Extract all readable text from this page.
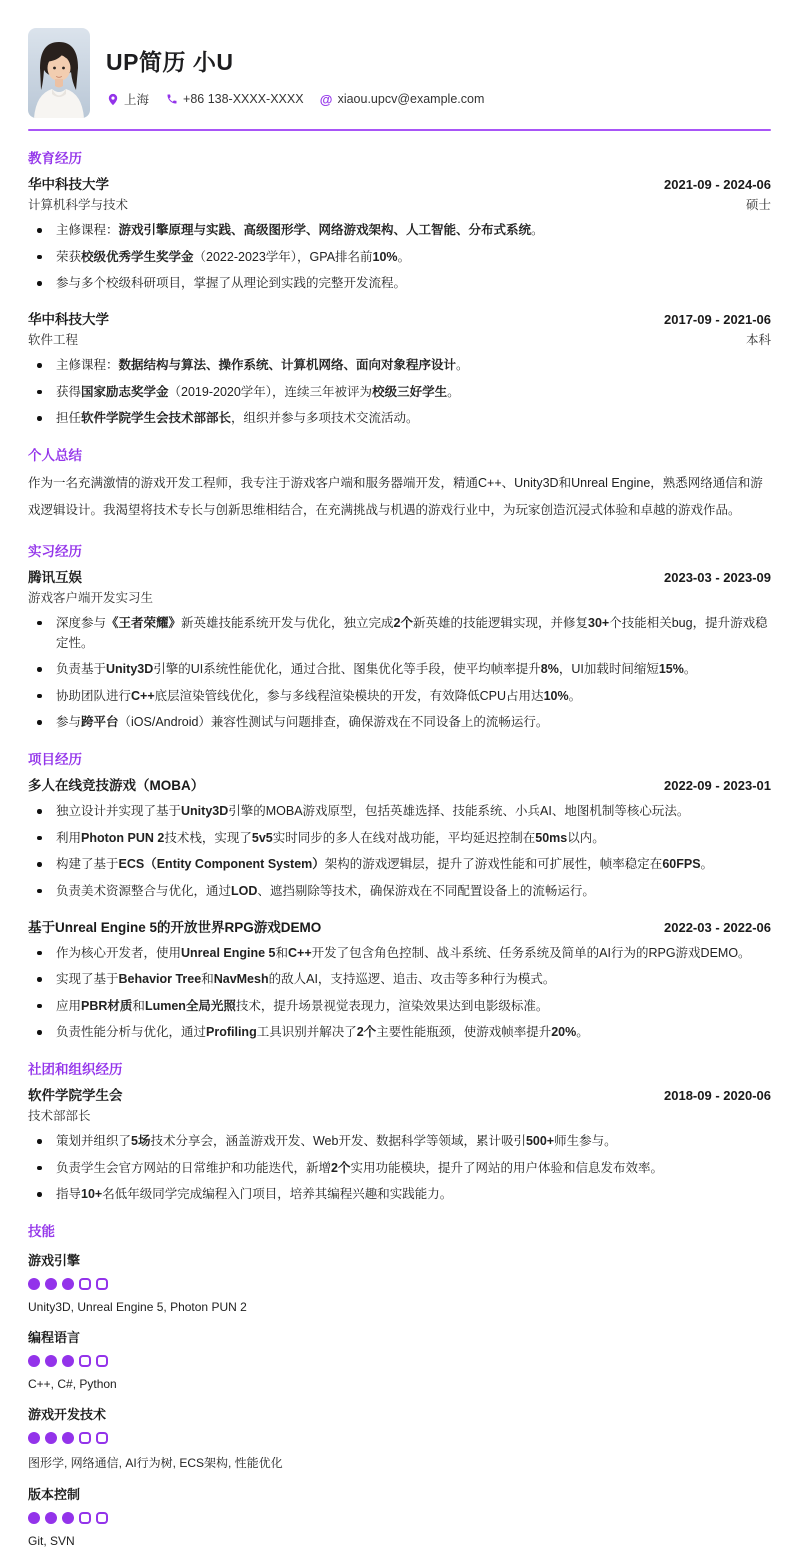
UP简历 小U
上海	+86 138-XXXX-XXXX @ xiaou.upcv@example.com
教育经历
华中科技大学	2021-09 - 2024-06
计算机科学与技术	硕士
主修课程：游戏引擎原理与实践、高级图形学、网络游戏架构、人工智能、分布式系统。
荣获校级优秀学生奖学金（2022-2023学年），GPA排名前10%。
参与多个校级科研项目，掌握了从理论到实践的完整开发流程。
华中科技大学	2017-09 - 2021-06
软件工程	本科
主修课程：数据结构与算法、操作系统、计算机网络、面向对象程序设计。
获得国家励志奖学金（2019-2020学年），连续三年被评为校级三好学生。
担任软件学院学生会技术部部长，组织并参与多项技术交流活动。
个人总结
作为一名充满激情的游戏开发工程师，我专注于游戏客户端和服务器端开发，精通C++、Unity3D和Unreal Engine，熟悉网络通信和游戏逻辑设计。我渴望将技术专长与创新思维相结合，在充满挑战与机遇的游戏行业中，为玩家创造沉浸式体验和卓越的游戏作品。
实习经历
腾讯互娱	2023-03 - 2023-09
游戏客户端开发实习生
深度参与《王者荣耀》新英雄技能系统开发与优化，独立完成2个新英雄的技能逻辑实现，并修复30+个技能相关bug，提升游戏稳定性。
负责基于Unity3D引擎的UI系统性能优化，通过合批、图集优化等手段，使平均帧率提升8%，UI加载时间缩短15%。
协助团队进行C++底层渲染管线优化，参与多线程渲染模块的开发，有效降低CPU占用达10%。
参与跨平台（iOS/Android）兼容性测试与问题排查，确保游戏在不同设备上的流畅运行。
项目经历
多人在线竞技游戏（MOBA）	2022-09 - 2023-01
独立设计并实现了基于Unity3D引擎的MOBA游戏原型，包括英雄选择、技能系统、小兵AI、地图机制等核心玩法。
利用Photon PUN 2技术栈，实现了5v5实时同步的多人在线对战功能，平均延迟控制在50ms以内。
构建了基于ECS（Entity Component System）架构的游戏逻辑层，提升了游戏性能和可扩展性，帧率稳定在60FPS。
负责美术资源整合与优化，通过LOD、遮挡剔除等技术，确保游戏在不同配置设备上的流畅运行。
基于Unreal Engine 5的开放世界RPG游戏DEMO	2022-03 - 2022-06
作为核心开发者，使用Unreal Engine 5和C++开发了包含角色控制、战斗系统、任务系统及简单的AI行为的RPG游戏DEMO。
实现了基于Behavior Tree和NavMesh的敌人AI，支持巡逻、追击、攻击等多种行为模式。
应用PBR材质和Lumen全局光照技术，提升场景视觉表现力，渲染效果达到电影级标准。
负责性能分析与优化，通过Profiling工具识别并解决了2个主要性能瓶颈，使游戏帧率提升20%。
社团和组织经历
软件学院学生会	2018-09 - 2020-06
技术部部长
策划并组织了5场技术分享会，涵盖游戏开发、Web开发、数据科学等领域，累计吸引500+师生参与。
负责学生会官方网站的日常维护和功能迭代，新增2个实用功能模块，提升了网站的用户体验和信息发布效率。
指导10+名低年级同学完成编程入门项目，培养其编程兴趣和实践能力。
技能
游戏引擎
Unity3D, Unreal Engine 5, Photon PUN 2
编程语言
C++, C#, Python
游戏开发技术
图形学, 网络通信, AI行为树, ECS架构, 性能优化
版本控制
Git, SVN
